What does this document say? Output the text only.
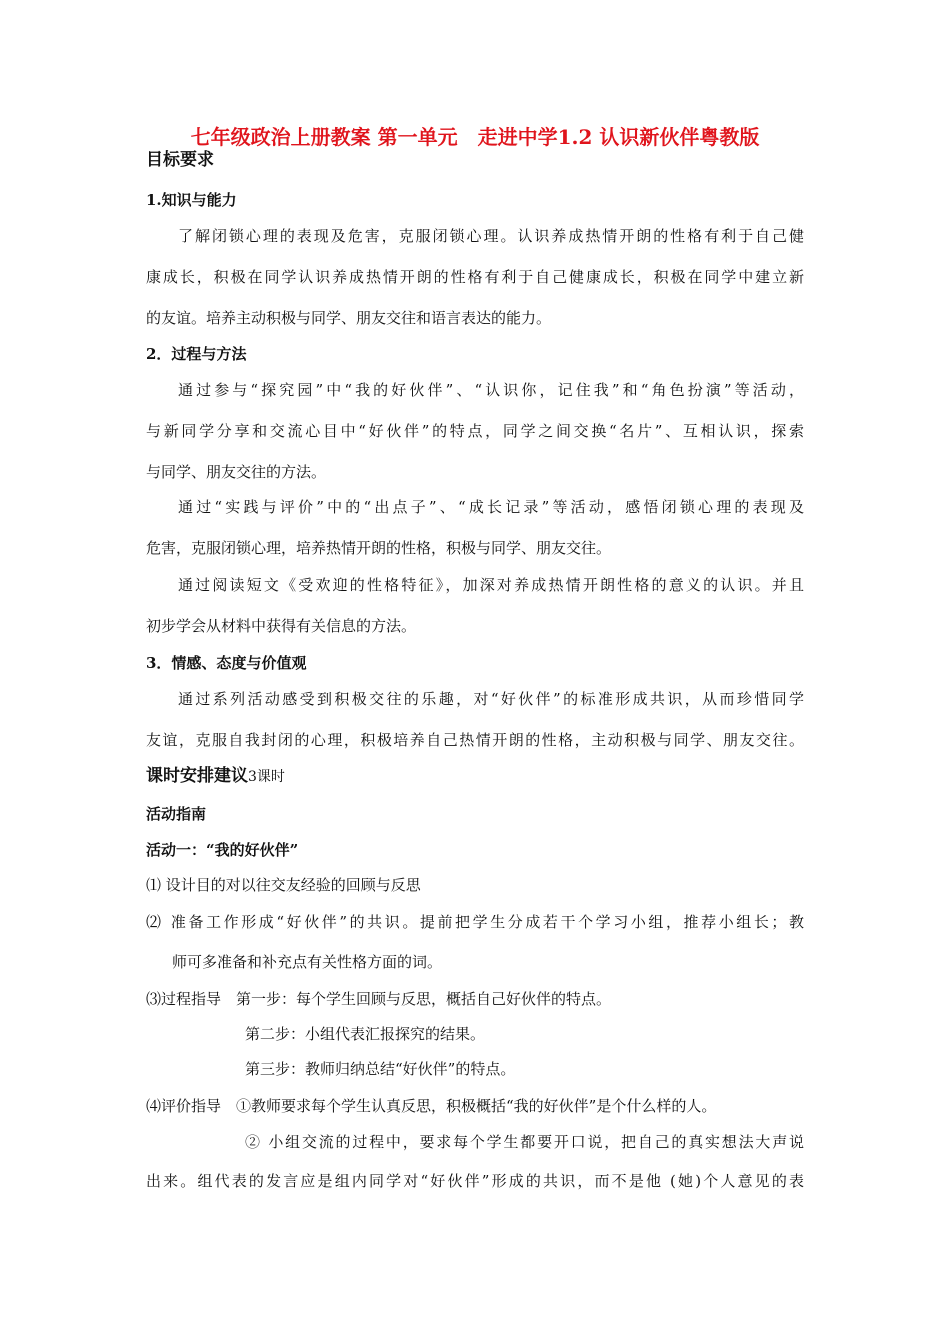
七年级政治上册教案 第一单元　走进中学1.2 认识新伙伴粤教版
目标要求
1.知识与能力
了解闭锁心理的表现及危害，克服闭锁心理。认识养成热情开朗的性格有利于自己健
康成长，积极在同学认识养成热情开朗的性格有利于自己健康成长，积极在同学中建立新
的友谊。培养主动积极与同学、朋友交往和语言表达的能力。
2．过程与方法
通过参与“探究园”中“我的好伙伴”、“认识你，记住我”和“角色扮演”等活动，
与新同学分享和交流心目中“好伙伴”的特点，同学之间交换“名片”、互相认识，探索
与同学、朋友交往的方法。
通过“实践与评价”中的“出点子”、“成长记录”等活动，感悟闭锁心理的表现及
危害，克服闭锁心理，培养热情开朗的性格，积极与同学、朋友交往。
通过阅读短文《受欢迎的性格特征》，加深对养成热情开朗性格的意义的认识。并且
初步学会从材料中获得有关信息的方法。
3．情感、态度与价值观
通过系列活动感受到积极交往的乐趣，对“好伙伴”的标准形成共识，从而珍惜同学
友谊，克服自我封闭的心理，积极培养自己热情开朗的性格，主动积极与同学、朋友交往。
课时安排建议3课时
活动指南
活动一：“我的好伙伴”
⑴ 设计目的对以往交友经验的回顾与反思
⑵ 准备工作形成“好伙伴”的共识。提前把学生分成若干个学习小组，推荐小组长；教
师可多准备和补充点有关性格方面的词。
⑶过程指导　第一步：每个学生回顾与反思，概括自己好伙伴的特点。
第二步：小组代表汇报探究的结果。
第三步：教师归纳总结“好伙伴”的特点。
⑷评价指导　①教师要求每个学生认真反思，积极概括“我的好伙伴”是个什么样的人。
② 小组交流的过程中，要求每个学生都要开口说，把自己的真实想法大声说
出来。组代表的发言应是组内同学对“好伙伴”形成的共识，而不是他 (她)个人意见的表
